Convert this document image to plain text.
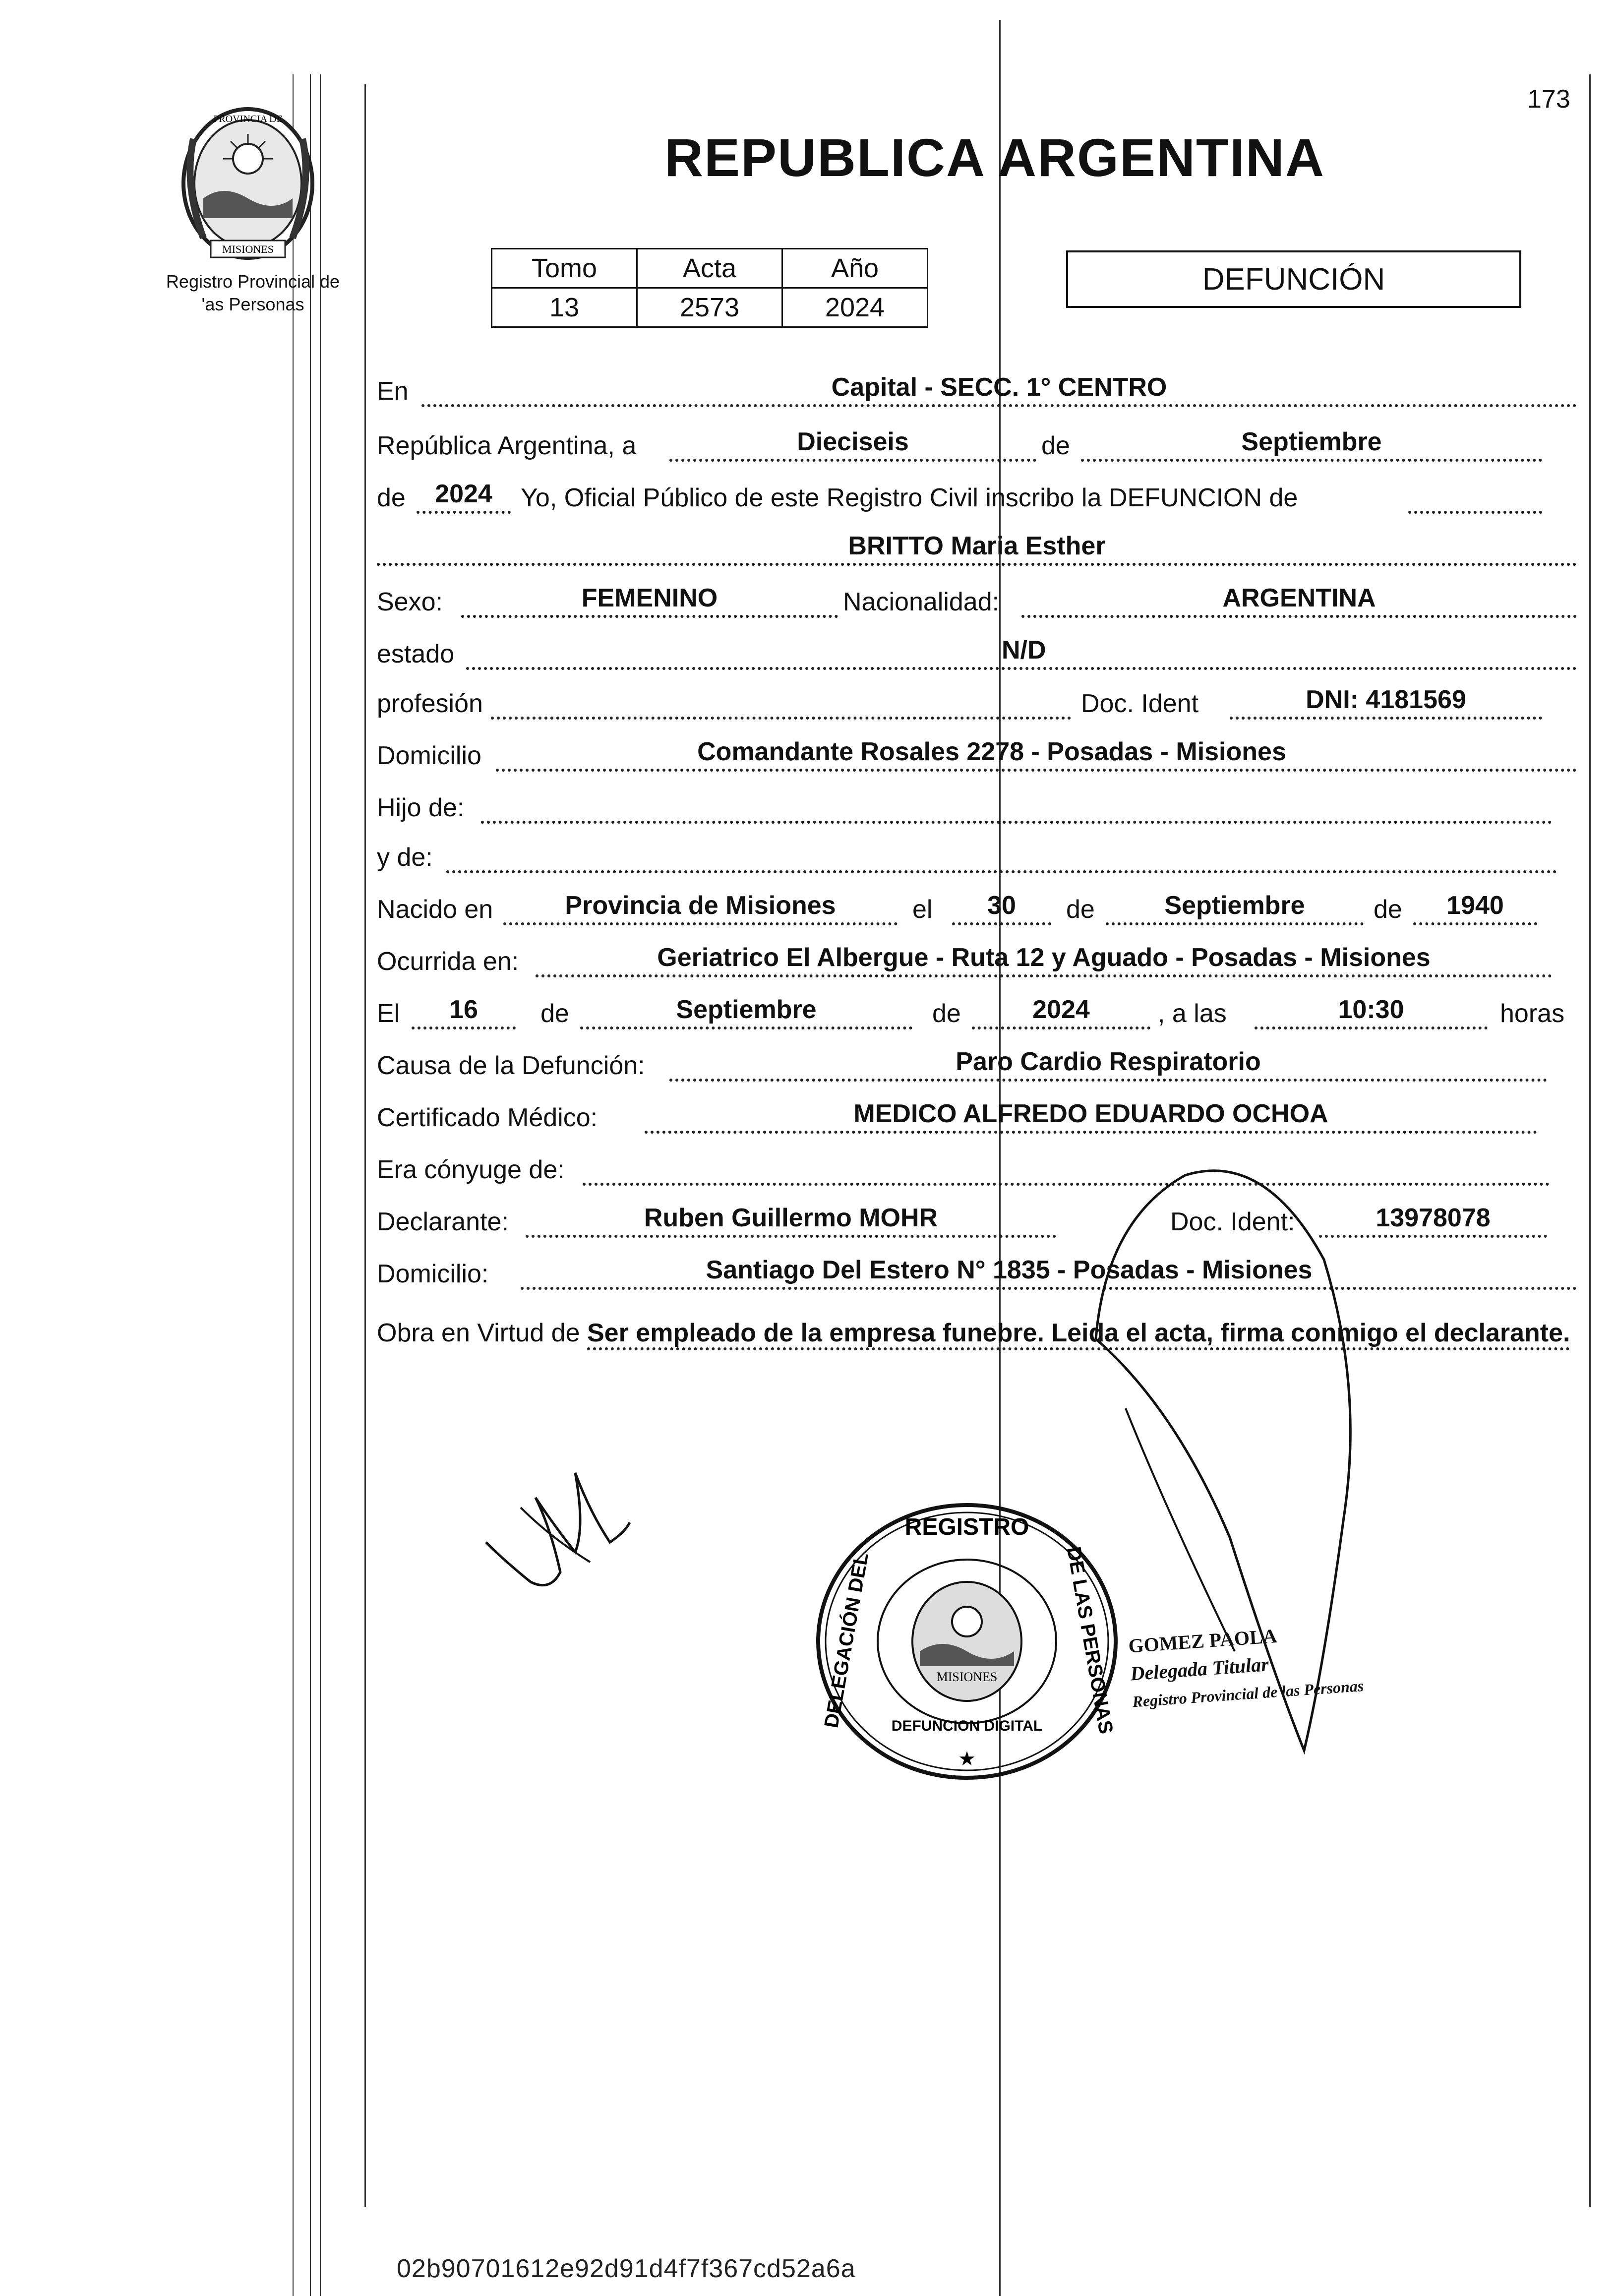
173
REPUBLICA ARGENTINA
MISIONES
PROVINCIA DE
Registro Provincial de
'as Personas
Tomo	Acta	Año
13	2573	2024
DEFUNCIÓN
En	Capital - SECC. 1° CENTRO
República Argentina, a	Dieciseis	de	Septiembre
de	2024	Yo, Oficial Público de este Registro Civil inscribo la DEFUNCION de
BRITTO Maria Esther
Sexo:	FEMENINO	Nacionalidad:	ARGENTINA
estado	N/D
profesión	Doc. Ident	DNI: 4181569
Domicilio	Comandante Rosales 2278 - Posadas - Misiones
Hijo de:
y de:
Nacido en	Provincia de Misiones	el	30	de	Septiembre	de	1940
Ocurrida en:	Geriatrico El Albergue - Ruta 12 y Aguado - Posadas - Misiones
El	16	de	Septiembre	de	2024	, a las	10:30	horas
Causa de la Defunción:	Paro Cardio Respiratorio
Certificado Médico:	MEDICO ALFREDO EDUARDO OCHOA
Era cónyuge de:
Declarante:	Ruben Guillermo MOHR	Doc. Ident:	13978078
Domicilio:	Santiago Del Estero N° 1835 - Posadas - Misiones
Obra en Virtud de Ser empleado de la empresa funebre. Leida el acta, firma conmigo el declarante.
MISIONES
REGISTRO
DELEGACIÓN DEL	DE LAS PERSONAS
DEFUNCION DIGITAL
★
GOMEZ PAOLA
Delegada Titular
Registro Provincial de las Personas
02b90701612e92d91d4f7f367cd52a6a
